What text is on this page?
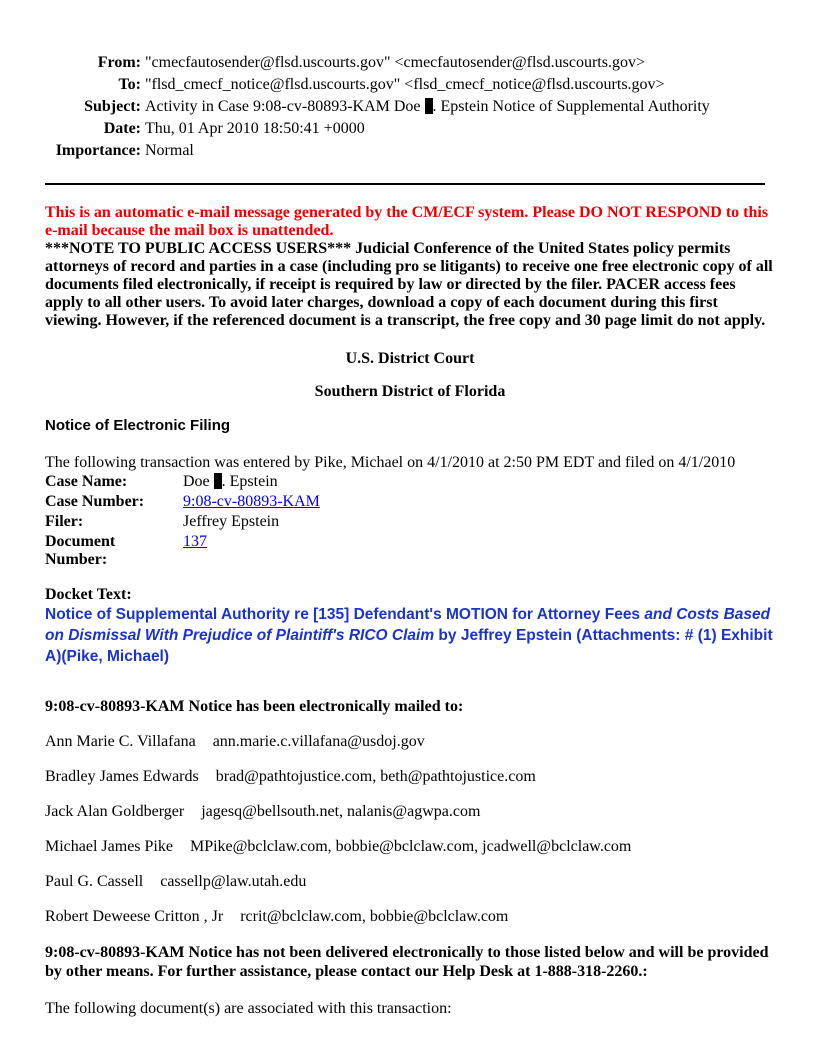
From: "cmecfautosender@flsd.uscourts.gov" <cmecfautosender@flsd.uscourts.gov>
To: "flsd_cmecf_notice@flsd.uscourts.gov" <flsd_cmecf_notice@flsd.uscourts.gov>
Subject: Activity in Case 9:08-cv-80893-KAM Doe . Epstein Notice of Supplemental Authority
Date: Thu, 01 Apr 2010 18:50:41 +0000
Importance: Normal
This is an automatic e-mail message generated by the CM/ECF system. Please DO NOT RESPOND to this e-mail because the mail box is unattended.
***NOTE TO PUBLIC ACCESS USERS*** Judicial Conference of the United States policy permits attorneys of record and parties in a case (including pro se litigants) to receive one free electronic copy of all documents filed electronically, if receipt is required by law or directed by the filer. PACER access fees apply to all other users. To avoid later charges, download a copy of each document during this first viewing. However, if the referenced document is a transcript, the free copy and 30 page limit do not apply.
U.S. District Court
Southern District of Florida
Notice of Electronic Filing
The following transaction was entered by Pike, Michael on 4/1/2010 at 2:50 PM EDT and filed on 4/1/2010
Case Name:	Doe . Epstein
Case Number:	9:08-cv-80893-KAM
Filer:	Jeffrey Epstein
Document Number:	137
Docket Text:
Notice of Supplemental Authority re [135] Defendant's MOTION for Attorney Fees and Costs Based on Dismissal With Prejudice of Plaintiff's RICO Claim by Jeffrey Epstein (Attachments: # (1) Exhibit A)(Pike, Michael)
9:08-cv-80893-KAM Notice has been electronically mailed to:
Ann Marie C. Villafana ann.marie.c.villafana@usdoj.gov
Bradley James Edwards brad@pathtojustice.com, beth@pathtojustice.com
Jack Alan Goldberger jagesq@bellsouth.net, nalanis@agwpa.com
Michael James Pike MPike@bclclaw.com, bobbie@bclclaw.com, jcadwell@bclclaw.com
Paul G. Cassell cassellp@law.utah.edu
Robert Deweese Critton , Jr rcrit@bclclaw.com, bobbie@bclclaw.com
9:08-cv-80893-KAM Notice has not been delivered electronically to those listed below and will be provided by other means. For further assistance, please contact our Help Desk at 1-888-318-2260.:
The following document(s) are associated with this transaction:
